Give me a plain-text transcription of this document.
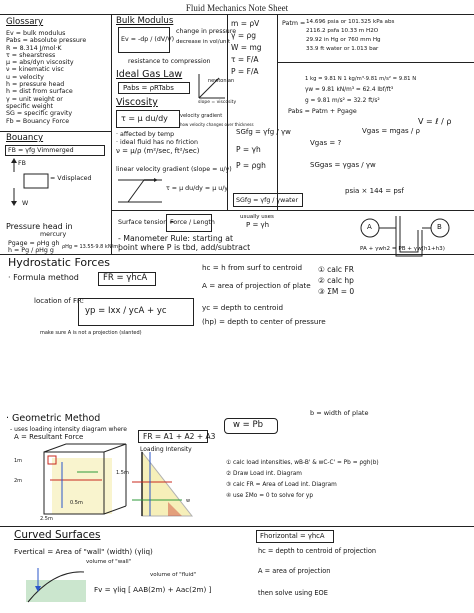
Fluid Mechanics Note Sheet
Glossary
Ev = bulk modulus
Pabs = absolute pressure
R = 8.314 J/mol·K
τ = shearstress
μ = abs/dyn viscosity
ν = kinematic visc
u = velocity
h = pressure head
h = dist from surface
γ = unit weight or
specific weight
SG = specific gravity
Fb = Bouancy Force
Bouancy
FB = γfg Vimmerged
FB
= Vdisplaced
W
Pressure head in
mercury
Pgage = ρHg gh
h = Pg / ρHg g ρHg = 13.55·9.8 kN/m³
Bulk Modulus
Ev = -dp / (dV/V)
change in pressure
decrease in vol/unit
resistance to compression
Ideal Gas Law
Pabs = ρRTabs
newtonian
slope = viscosity
Viscosity
τ = μ du/dy	velocity gradient
how velocity changes over thickness
· affected by temp
· ideal fluid has no friction
ν = μ/ρ (m²/sec, ft²/sec)
linear velocity gradient (slope = u/y)
τ = μ du/dy = μ u/y
m = ρV
γ = ρg
W = mg
τ = F/A
P = F/A
SGfg = γfg / γw
P = γh
P = ρgh
SGfg = γfg / γwater
Patm = 14.696 psia or 101.325 kPa abs
2116.2 psfa 10.33 m H2O
29.92 in Hg or 760 mm Hg
33.9 ft water or 1.013 bar
1 kg = 9.81 N 1 kg/m³·9.81 m/s² = 9.81 N
γw = 9.81 kN/m³ = 62.4 lbf/ft³
g = 9.81 m/s² = 32.2 ft/s²
Pabs = Patm + Pgage
Vgas = ?
Vgas = mgas / ρ
V = ℓ / ρ
SGgas = γgas / γw
psia × 144 = psf
Surface tension =
Force / Length
usually uses
P = γh
- Manometer Rule: starting at
point where P is tbd, add/subtract
A	B
PA + γwh2 = PB + γw(h1+h3)
Hydrostatic Forces
· Formula method	FR = γhcA
location of FR:
yp = Ixx / ycA + yc
make sure A is not a projection (slanted)
hc = h from surf to centroid
A = area of projection of plate
yc = depth to centroid
(hp) = depth to center of pressure
① calc FR
② calc hp
③ ΣM = 0
· Geometric Method
- uses loading intensity diagram where
A = Resultant Force	FR = A1 + A2 + A3
w = Pb
b = width of plate
Loading Intensity
1m
2m
1.5m
0.5m	w
2.5m
① calc load intensities, wB-B' & wC-C' = Pb = ρgh(b)
② Draw Load int. Diagram
③ calc FR = Area of Load int. Diagram
④ use ΣMo = 0 to solve for yp
Curved Surfaces
Fvertical = Area of "wall" (width) (γliq)
volume of "wall"
volume of "fluid"
Fv = γliq [ AAB(2m) + Aac(2m) ]
Fhorizontal = γhcA
hc = depth to centroid of projection
A = area of projection
then solve using EOE
